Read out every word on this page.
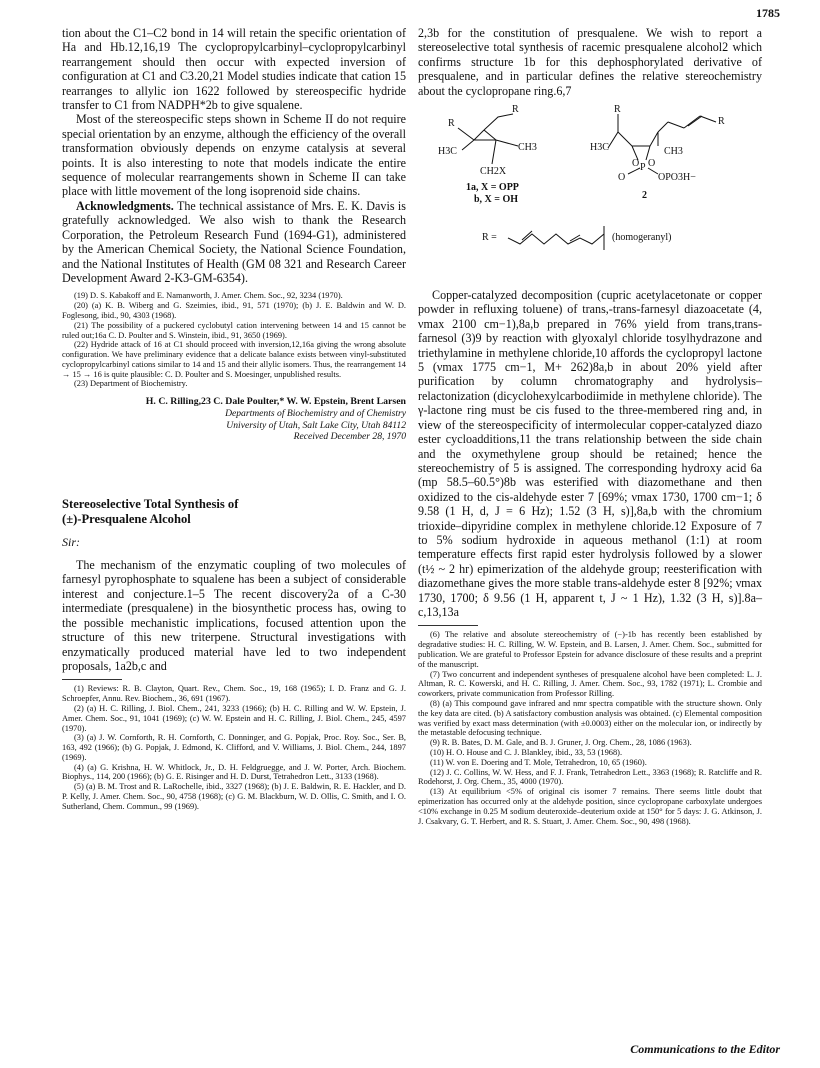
1785

tion about the C1–C2 bond in 14 will retain the specific orientation of Ha and Hb.12,16,19 The cyclopropylcarbinyl–cyclopropylcarbinyl rearrangement should then occur with expected inversion of configuration at C1 and C3.20,21 Model studies indicate that cation 15 rearranges to allylic ion 1622 followed by stereospecific hydride transfer to C1 from NADPH*2b to give squalene.

Most of the stereospecific steps shown in Scheme II do not require special orientation by an enzyme, although the efficiency of the overall transformation obviously depends on enzyme catalysis at several points. It is also interesting to note that models indicate the entire sequence of molecular rearrangements shown in Scheme II can take place with little movement of the long isoprenoid side chains.

Acknowledgments. The technical assistance of Mrs. E. K. Davis is gratefully acknowledged. We also wish to thank the Research Corporation, the Petroleum Research Fund (1694-G1), administered by the American Chemical Society, the National Science Foundation, and the National Institutes of Health (GM 08 321 and Research Career Development Award 2-K3-GM-6354).

(19) D. S. Kabakoff and E. Namanworth, J. Amer. Chem. Soc., 92, 3234 (1970).

(20) (a) K. B. Wiberg and G. Szeimies, ibid., 91, 571 (1970); (b) J. E. Baldwin and W. D. Foglesong, ibid., 90, 4303 (1968).

(21) The possibility of a puckered cyclobutyl cation intervening between 14 and 15 cannot be ruled out;16a C. D. Poulter and S. Winstein, ibid., 91, 3650 (1969).

(22) Hydride attack of 16 at C1 should proceed with inversion,12,16a giving the wrong absolute configuration. We have preliminary evidence that a delicate balance exists between vinyl-substituted cyclopropylcarbinyl cations similar to 14 and 15 and their allylic isomers. Thus, the rearrangement 14 → 15 → 16 is quite plausible: C. D. Poulter and S. Moesinger, unpublished results.

(23) Department of Biochemistry.

H. C. Rilling,23 C. Dale Poulter,* W. W. Epstein, Brent Larsen
Departments of Biochemistry and of Chemistry
University of Utah, Salt Lake City, Utah 84112
Received December 28, 1970
Stereoselective Total Synthesis of
(±)-Presqualene Alcohol
Sir:

The mechanism of the enzymatic coupling of two molecules of farnesyl pyrophosphate to squalene has been a subject of considerable interest and conjecture.1–5 The recent discovery2a of a C-30 intermediate (presqualene) in the biosynthetic process has, owing to the possible mechanistic implications, focused attention upon the structure of this new triterpene. Structural investigations with enzymatically produced material have led to two independent proposals, 1a2b,c and

(1) Reviews: R. B. Clayton, Quart. Rev., Chem. Soc., 19, 168 (1965); I. D. Franz and G. J. Schroepfer, Annu. Rev. Biochem., 36, 691 (1967).

(2) (a) H. C. Rilling, J. Biol. Chem., 241, 3233 (1966); (b) H. C. Rilling and W. W. Epstein, J. Amer. Chem. Soc., 91, 1041 (1969); (c) W. W. Epstein and H. C. Rilling, J. Biol. Chem., 245, 4597 (1970).

(3) (a) J. W. Cornforth, R. H. Cornforth, C. Donninger, and G. Popjak, Proc. Roy. Soc., Ser. B, 163, 492 (1966); (b) G. Popjak, J. Edmond, K. Clifford, and V. Williams, J. Biol. Chem., 244, 1897 (1969).

(4) (a) G. Krishna, H. W. Whitlock, Jr., D. H. Feldgruegge, and J. W. Porter, Arch. Biochem. Biophys., 114, 200 (1966); (b) G. E. Risinger and H. D. Durst, Tetrahedron Lett., 3133 (1968).

(5) (a) B. M. Trost and R. LaRochelle, ibid., 3327 (1968); (b) J. E. Baldwin, R. E. Hackler, and D. P. Kelly, J. Amer. Chem. Soc., 90, 4758 (1968); (c) G. M. Blackburn, W. D. Ollis, C. Smith, and I. O. Sutherland, Chem. Commun., 99 (1969).

2,3b for the constitution of presqualene. We wish to report a stereoselective total synthesis of racemic presqualene alcohol2 which confirms structure 1b for this dephosphorylated derivative of presqualene, and in particular defines the relative stereochemistry about the cyclopropane ring.6,7

R
R
CH3
H3C
CH2X
1a, X = OPP
b, X = OH
R
R
H3C	CH3
O P O
O	OPO3H−
2
R =	(homogeranyl)

Copper-catalyzed decomposition (cupric acetylacetonate or copper powder in refluxing toluene) of trans,-trans-farnesyl diazoacetate (4, νmax 2100 cm−1),8a,b prepared in 76% yield from trans,trans-farnesol (3)9 by reaction with glyoxalyl chloride tosylhydrazone and triethylamine in methylene chloride,10 affords the cyclopropyl lactone 5 (νmax 1775 cm−1, M+ 262)8a,b in about 20% yield after purification by column chromatography and hydrolysis–relactonization (dicyclohexylcarbodiimide in methylene chloride). The γ-lactone ring must be cis fused to the three-membered ring and, in view of the stereospecificity of intermolecular copper-catalyzed diazo ester cycloadditions,11 the trans relationship between the side chain and the oxymethylene group should be retained; hence the stereochemistry of 5 is assigned. The corresponding hydroxy acid 6a (mp 58.5–60.5°)8b was esterified with diazomethane and then oxidized to the cis-aldehyde ester 7 [69%; νmax 1730, 1700 cm−1; δ 9.58 (1 H, d, J = 6 Hz); 1.52 (3 H, s)],8a,b with the chromium trioxide–dipyridine complex in methylene chloride.12 Exposure of 7 to 5% sodium hydroxide in aqueous methanol (1:1) at room temperature effects first rapid ester hydrolysis followed by a slower (t½ ~ 2 hr) epimerization of the aldehyde group; reesterification with diazomethane gives the more stable trans-aldehyde ester 8 [92%; νmax 1730, 1700; δ 9.56 (1 H, apparent t, J ~ 1 Hz), 1.32 (3 H, s)].8a–c,13,13a

(6) The relative and absolute stereochemistry of (−)-1b has recently been established by degradative studies: H. C. Rilling, W. W. Epstein, and B. Larsen, J. Amer. Chem. Soc., submitted for publication. We are grateful to Professor Epstein for advance disclosure of these results and a preprint of the manuscript.

(7) Two concurrent and independent syntheses of presqualene alcohol have been completed: L. J. Altman, R. C. Kowerski, and H. C. Rilling, J. Amer. Chem. Soc., 93, 1782 (1971); L. Crombie and coworkers, private communication from Professor Rilling.

(8) (a) This compound gave infrared and nmr spectra compatible with the structure shown. Only the key data are cited. (b) A satisfactory combustion analysis was obtained. (c) Elemental composition was verified by exact mass determination (with ±0.0003) either on the molecular ion, or indirectly by the metastable defocusing technique.

(9) R. B. Bates, D. M. Gale, and B. J. Gruner, J. Org. Chem., 28, 1086 (1963).

(10) H. O. House and C. J. Blankley, ibid., 33, 53 (1968).

(11) W. von E. Doering and T. Mole, Tetrahedron, 10, 65 (1960).

(12) J. C. Collins, W. W. Hess, and F. J. Frank, Tetrahedron Lett., 3363 (1968); R. Ratcliffe and R. Rodehorst, J. Org. Chem., 35, 4000 (1970).

(13) At equilibrium <5% of original cis isomer 7 remains. There seems little doubt that epimerization has occurred only at the aldehyde position, since cyclopropane carboxylate undergoes <10% exchange in 0.25 M sodium deuteroxide–deuterium oxide at 150° for 5 days: J. G. Atkinson, J. J. Csakvary, G. T. Herbert, and R. S. Stuart, J. Amer. Chem. Soc., 90, 498 (1968).

Communications to the Editor
